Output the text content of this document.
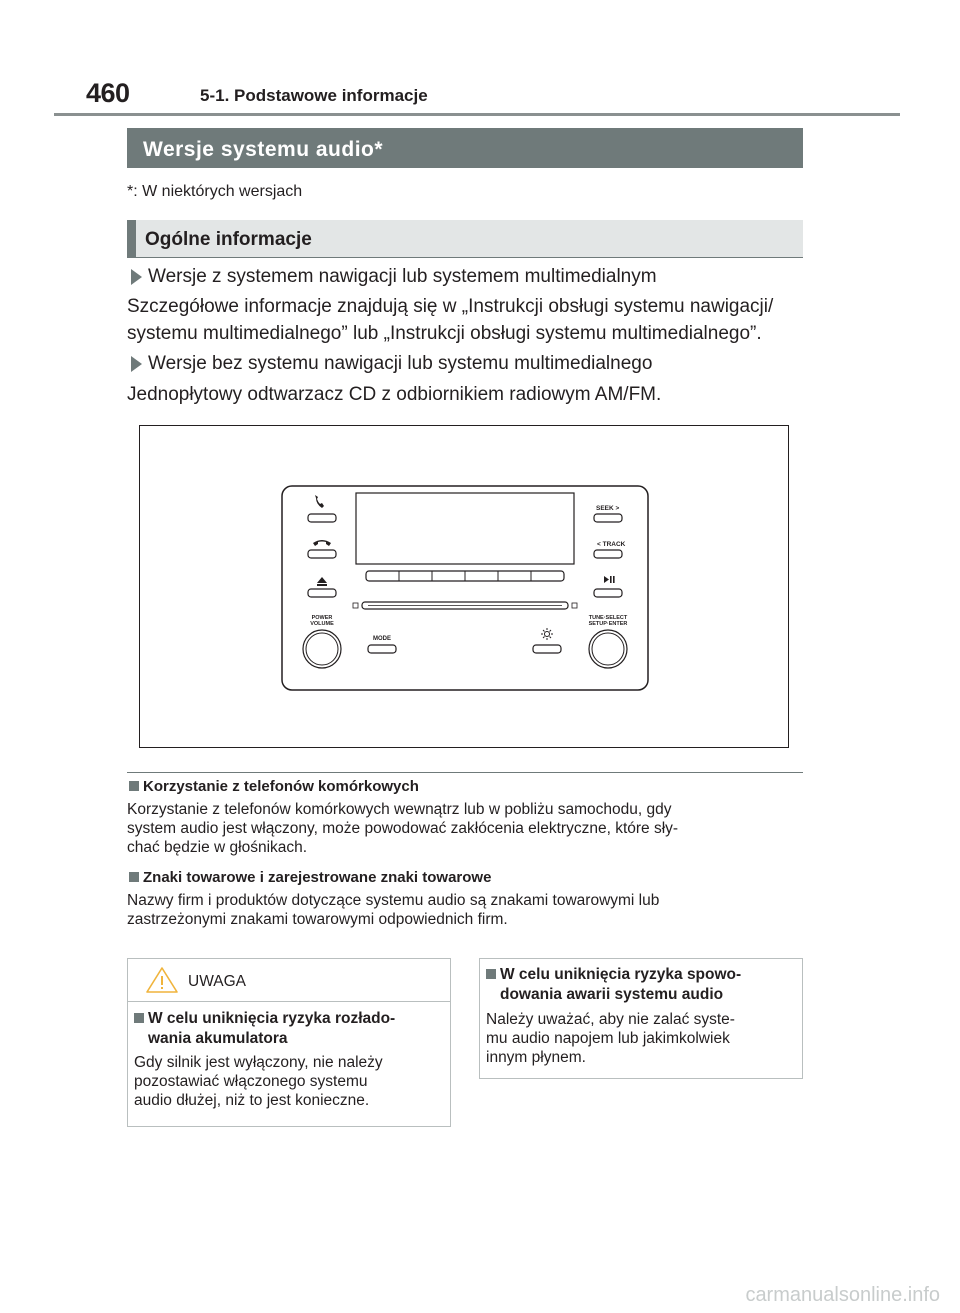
460	5-1. Podstawowe informacje
Wersje systemu audio*
*: W niektórych wersjach
Ogólne informacje
Wersje z systemem nawigacji lub systemem multimedialnym
Szczegółowe informacje znajdują się w „Instrukcji obsługi systemu nawigacji/
systemu multimedialnego” lub „Instrukcji obsługi systemu multimedialnego”.
Wersje bez systemu nawigacji lub systemu multimedialnego
Jednopłytowy odtwarzacz CD z odbiornikiem radiowym AM/FM.
SEEK >
< TRACK
POWER
VOLUME
TUNE·SELECT
SETUP·ENTER
MODE
Korzystanie z telefonów komórkowych
Korzystanie z telefonów komórkowych wewnątrz lub w pobliżu samochodu, gdy
system audio jest włączony, może powodować zakłócenia elektryczne, które sły-
chać będzie w głośnikach.
Znaki towarowe i zarejestrowane znaki towarowe
Nazwy firm i produktów dotyczące systemu audio są znakami towarowymi lub
zastrzeżonymi znakami towarowymi odpowiednich firm.
UWAGA
W celu uniknięcia ryzyka rozłado-
wania akumulatora
Gdy silnik jest wyłączony, nie należy
pozostawiać włączonego systemu
audio dłużej, niż to jest konieczne.
W celu uniknięcia ryzyka spowo-
dowania awarii systemu audio
Należy uważać, aby nie zalać syste-
mu audio napojem lub jakimkolwiek
innym płynem.
carmanualsonline.info
